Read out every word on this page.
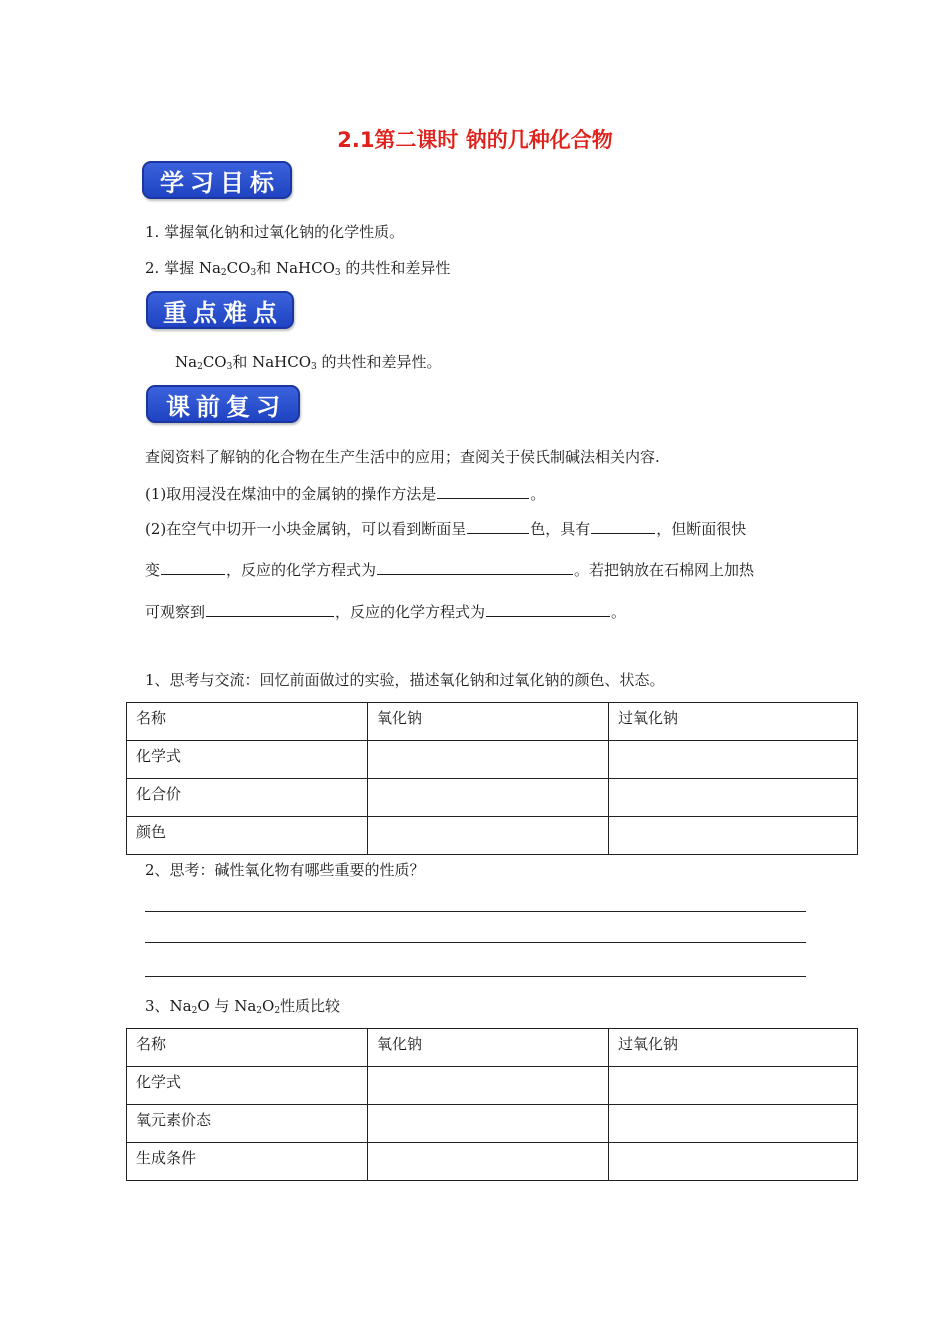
2.1第二课时 钠的几种化合物
学习目标
1. 掌握氧化钠和过氧化钠的化学性质。
2. 掌握 $Na_2CO_3$和 NaHCO$_3$ 的共性和差异性
重点难点
$Na_2CO_3$和 NaHCO$_3$ 的共性和差异性。
课前复习
查阅资料了解钠的化合物在生产生活中的应用；查阅关于侯氏制碱法相关内容.
(1)取用浸没在煤油中的金属钠的操作方法是	。
(2)在空气中切开一小块金属钠，可以看到断面呈	色，具有	，但断面很快
变	，反应的化学方程式为	。若把钠放在石棉网上加热
可观察到	，反应的化学方程式为	。
1、思考与交流：回忆前面做过的实验，描述氧化钠和过氧化钠的颜色、状态。
名称	氧化钠	过氧化钠
化学式		
化合价		
颜色		
2、思考：碱性氧化物有哪些重要的性质？
3、$Na_2O$ 与 $Na_2O_2$性质比较
名称	氧化钠	过氧化钠
化学式		
氧元素价态		
生成条件		
